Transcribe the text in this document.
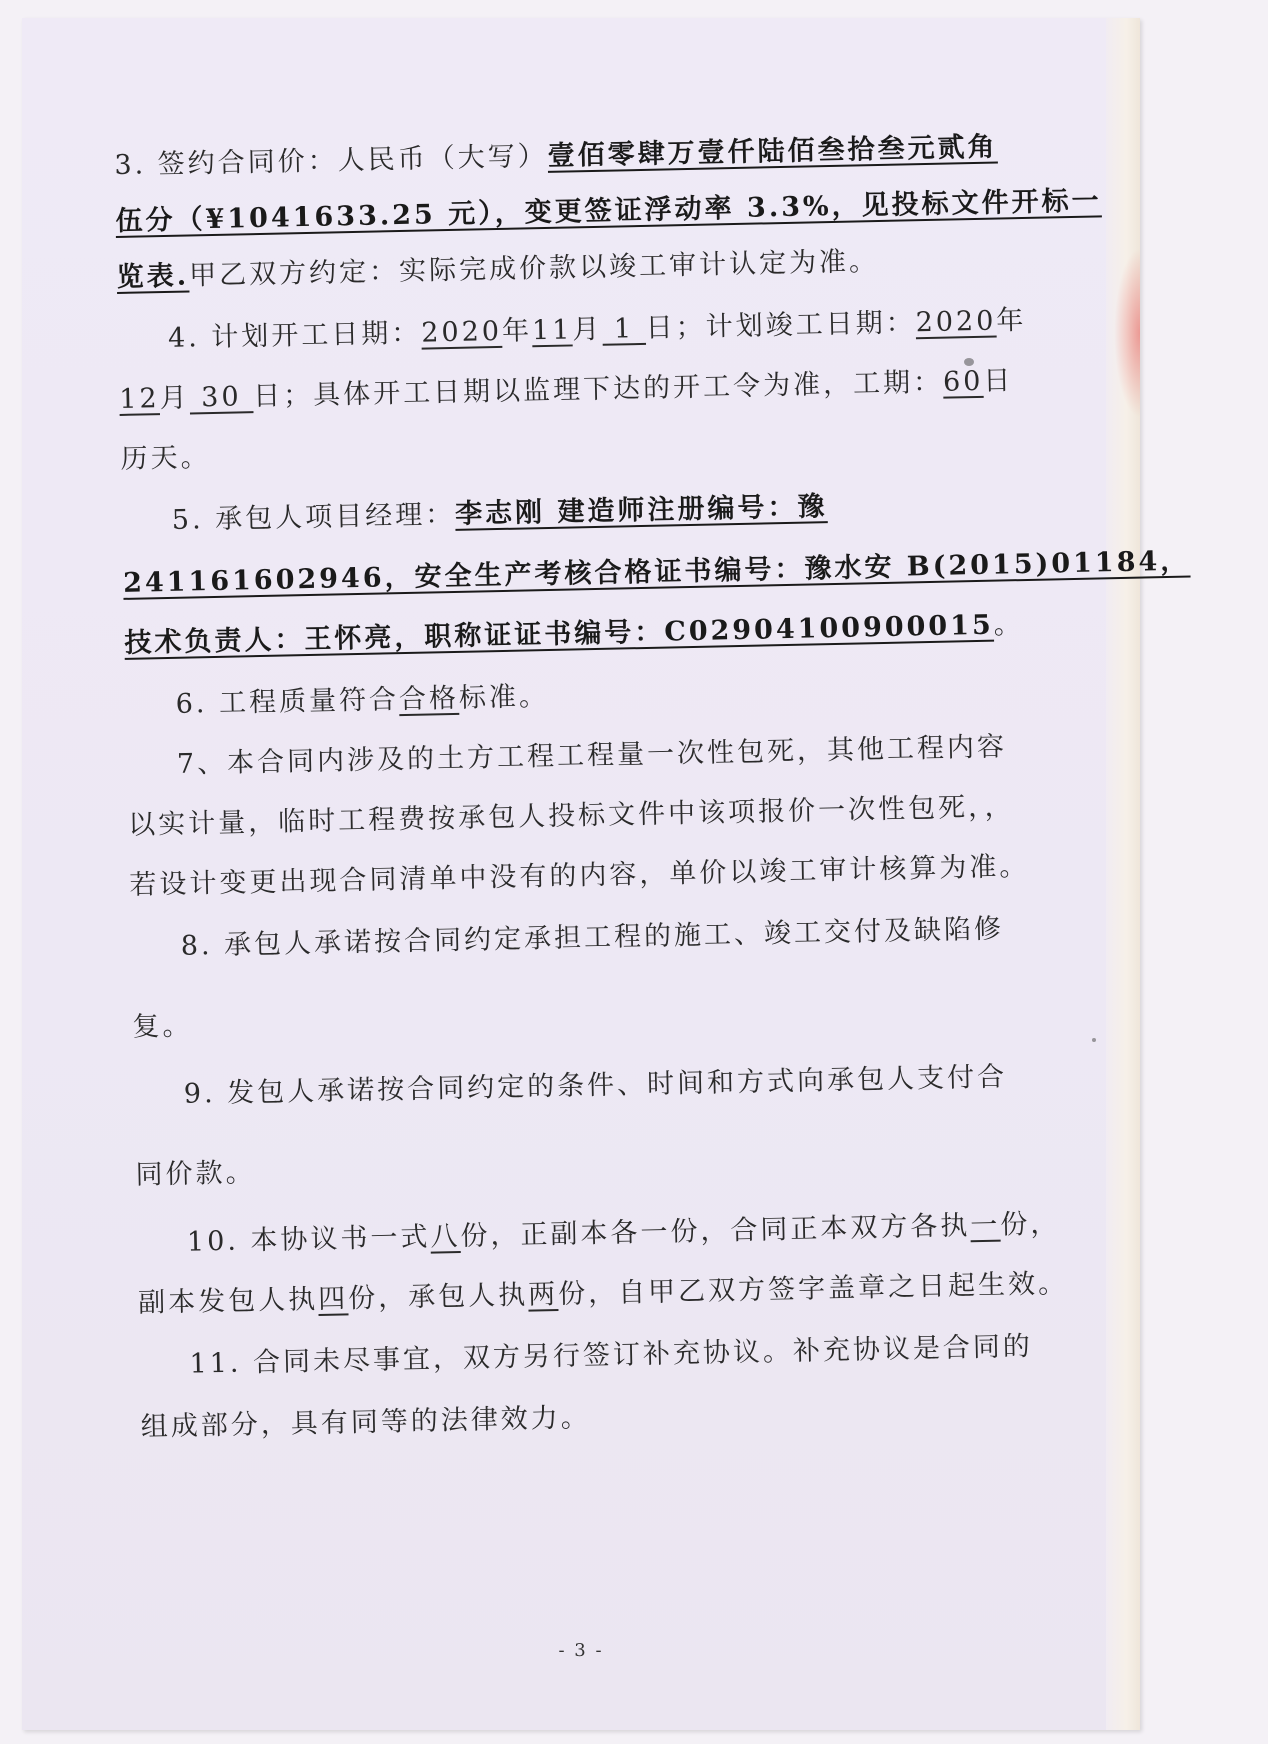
3. 签约合同价：人民币（大写）壹佰零肆万壹仟陆佰叁拾叁元贰角
伍分（¥1041633.25 元），变更签证浮动率 3.3%，见投标文件开标一
览表.甲乙双方约定：实际完成价款以竣工审计认定为准。
4. 计划开工日期：2020年11月 1 日；计划竣工日期：2020年
12月 30 日；具体开工日期以监理下达的开工令为准，工期：60日
历天。
5. 承包人项目经理：李志刚 建造师注册编号：豫
241161602946，安全生产考核合格证书编号：豫水安 B(2015)01184，
技术负责人：王怀亮，职称证证书编号：C02904100900015。
6. 工程质量符合合格标准。
7、本合同内涉及的土方工程工程量一次性包死，其他工程内容
以实计量，临时工程费按承包人投标文件中该项报价一次性包死，，
若设计变更出现合同清单中没有的内容，单价以竣工审计核算为准。
8. 承包人承诺按合同约定承担工程的施工、竣工交付及缺陷修
复。
9. 发包人承诺按合同约定的条件、时间和方式向承包人支付合
同价款。
10. 本协议书一式八份，正副本各一份，合同正本双方各执一份，
副本发包人执四份，承包人执两份，自甲乙双方签字盖章之日起生效。
11. 合同未尽事宜，双方另行签订补充协议。补充协议是合同的
组成部分，具有同等的法律效力。
- 3 -
